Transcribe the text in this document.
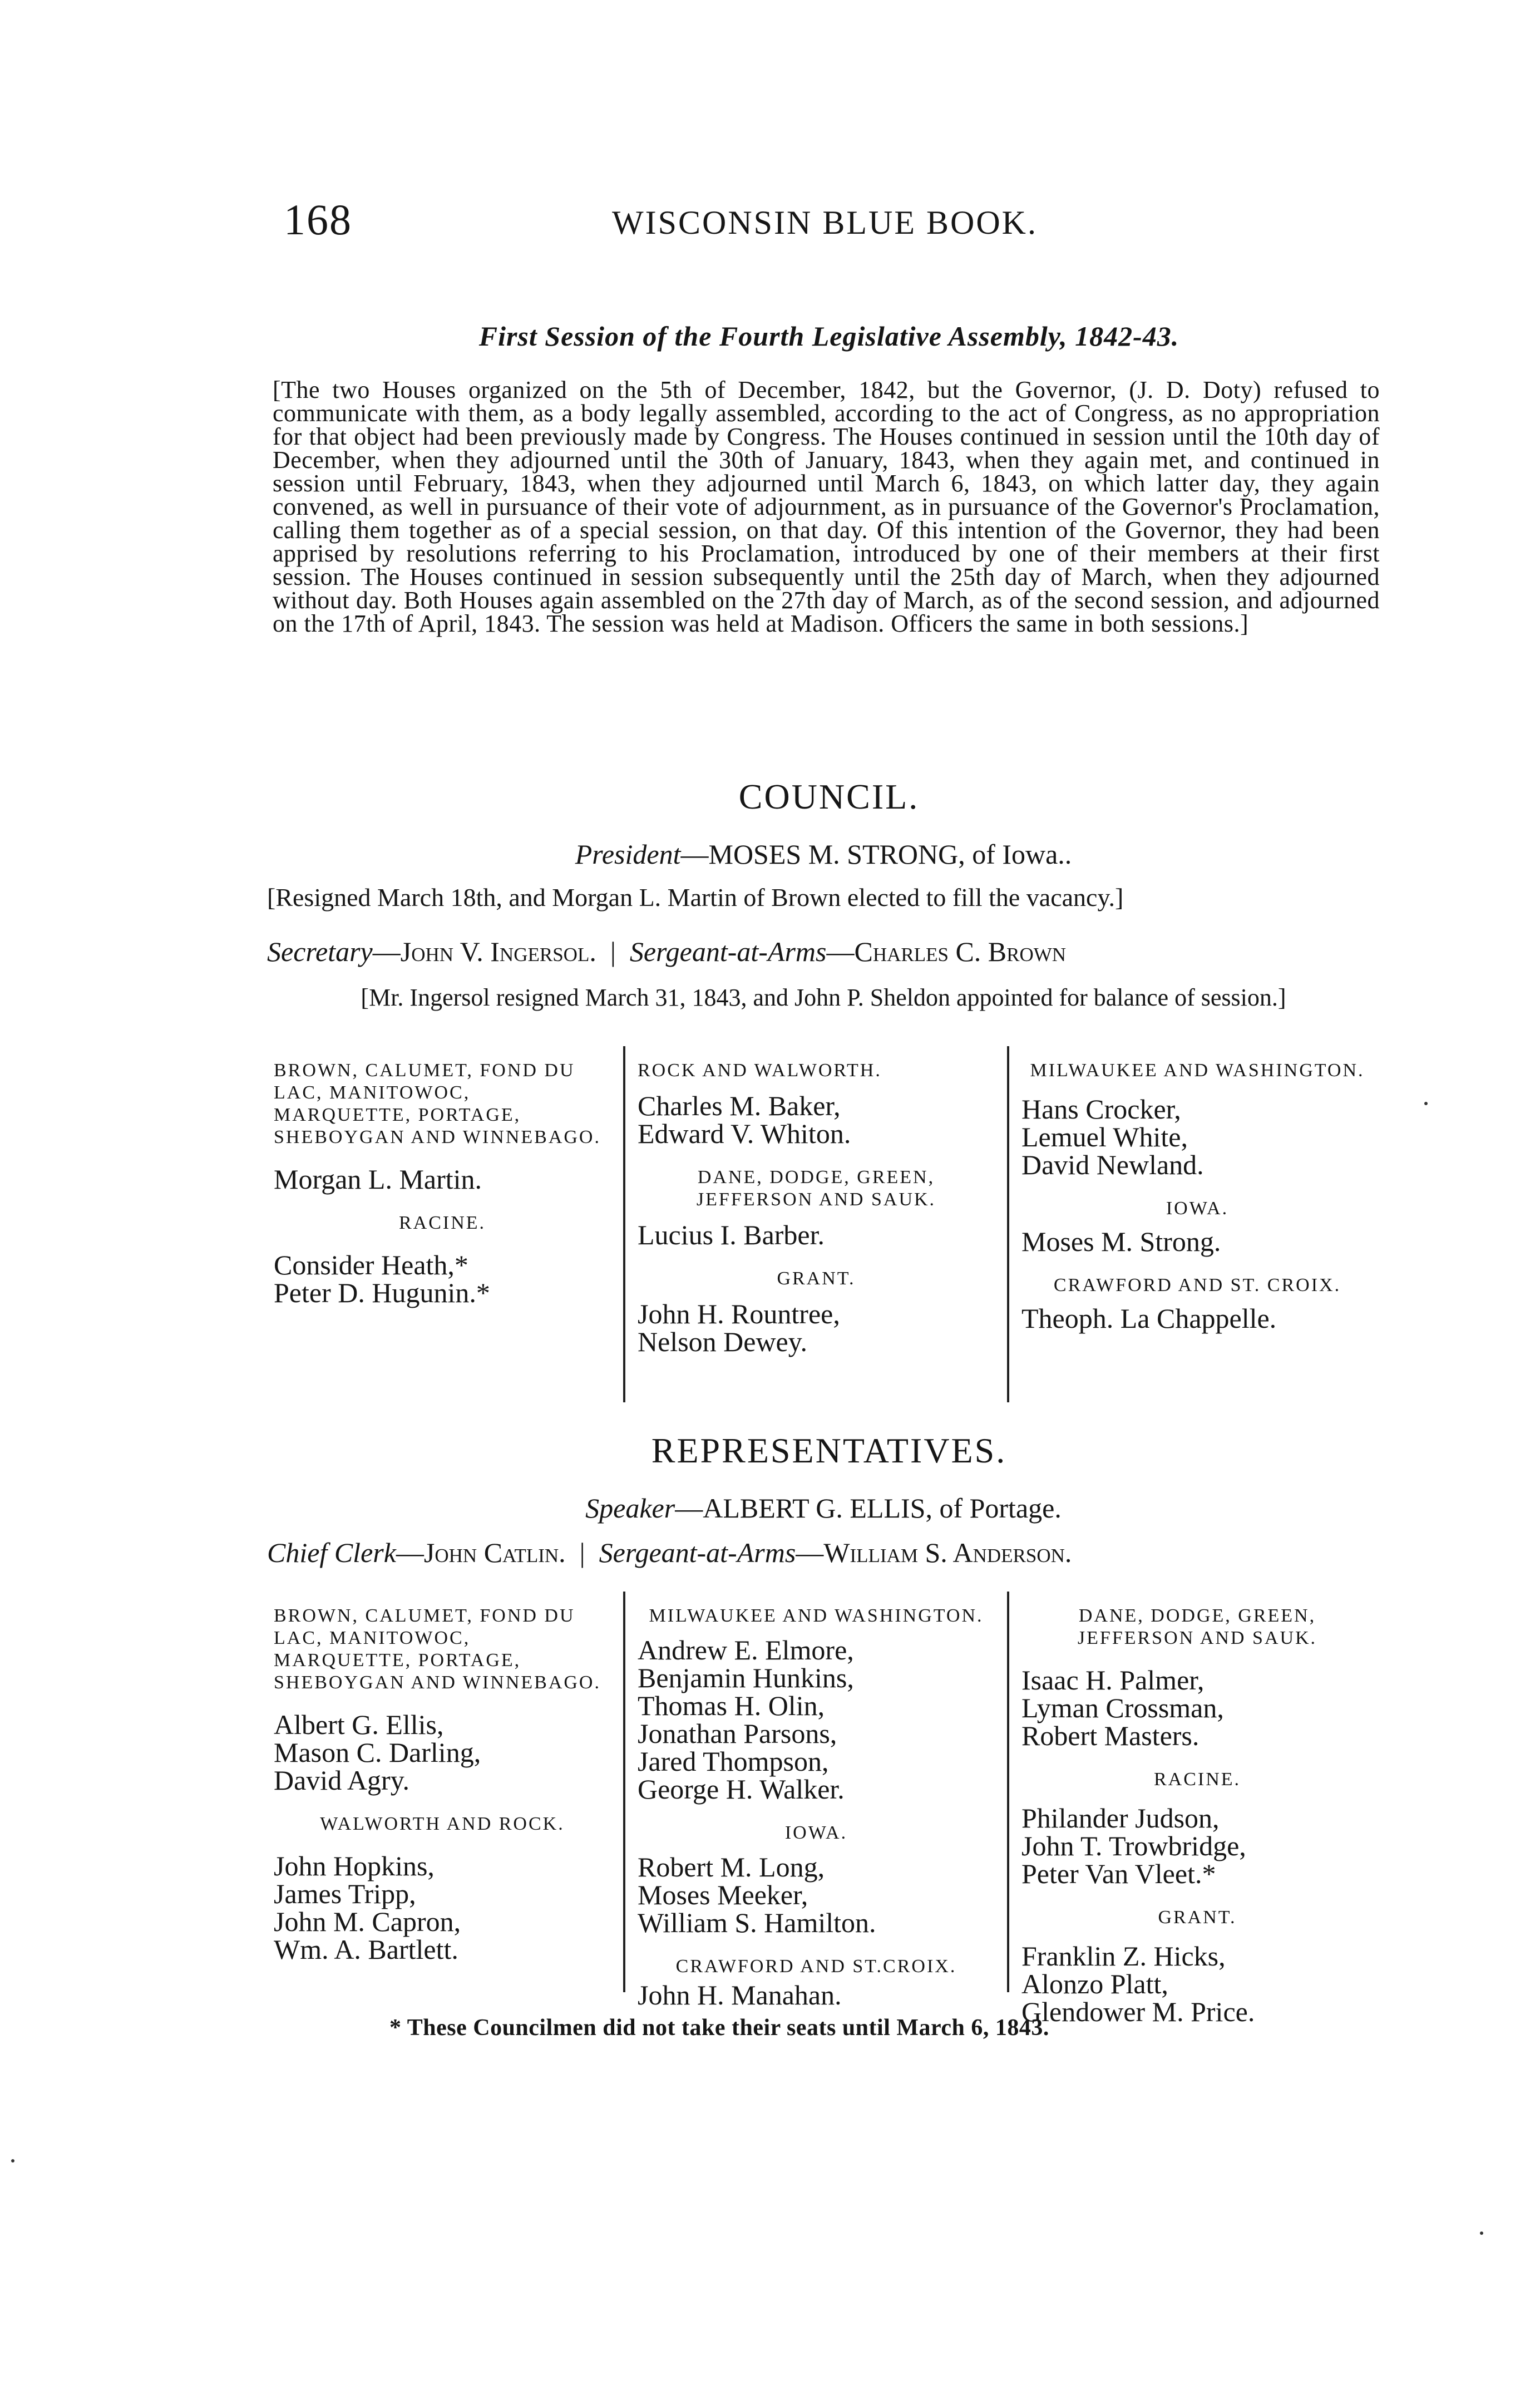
168	WISCONSIN BLUE BOOK.
First Session of the Fourth Legislative Assembly, 1842-43.
[The two Houses organized on the 5th of December, 1842, but the Governor, (J. D. Doty) refused to communicate with them, as a body legally assembled, according to the act of Congress, as no appropriation for that object had been previously made by Congress. The Houses continued in session until the 10th day of December, when they adjourned until the 30th of January, 1843, when they again met, and continued in session until February, 1843, when they adjourned until March 6, 1843, on which latter day, they again convened, as well in pursuance of their vote of adjournment, as in pursuance of the Governor's Proclamation, calling them together as of a special session, on that day. Of this intention of the Governor, they had been apprised by resolutions referring to his Proclamation, introduced by one of their members at their first session. The Houses continued in session subsequently until the 25th day of March, when they adjourned without day. Both Houses again assembled on the 27th day of March, as of the second session, and adjourned on the 17th of April, 1843. The session was held at Madison. Officers the same in both sessions.]
COUNCIL.
President—MOSES M. STRONG, of Iowa..
[Resigned March 18th, and Morgan L. Martin of Brown elected to fill the vacancy.]
Secretary—John V. Ingersol. | Sergeant-at-Arms—Charles C. Brown
[Mr. Ingersol resigned March 31, 1843, and John P. Sheldon appointed for balance of session.]
BROWN, CALUMET, FOND DU LAC, MANITOWOC, MARQUETTE, PORTAGE, SHEBOYGAN AND WINNEBAGO.
Morgan L. Martin.
RACINE.
Consider Heath,*
Peter D. Hugunin.*
ROCK AND WALWORTH.
Charles M. Baker,
Edward V. Whiton.
DANE, DODGE, GREEN, JEFFERSON AND SAUK.
Lucius I. Barber.
GRANT.
John H. Rountree,
Nelson Dewey.
MILWAUKEE AND WASHINGTON.
Hans Crocker,
Lemuel White,
David Newland.
IOWA.
Moses M. Strong.
CRAWFORD AND ST. CROIX.
Theoph. La Chappelle.
REPRESENTATIVES.
Speaker—ALBERT G. ELLIS, of Portage.
Chief Clerk—John Catlin. | Sergeant-at-Arms—William S. Anderson.
BROWN, CALUMET, FOND DU LAC, MANITOWOC, MARQUETTE, PORTAGE, SHEBOYGAN AND WINNEBAGO.
Albert G. Ellis,
Mason C. Darling,
David Agry.
WALWORTH AND ROCK.
John Hopkins,
James Tripp,
John M. Capron,
Wm. A. Bartlett.
MILWAUKEE AND WASHINGTON.
Andrew E. Elmore,
Benjamin Hunkins,
Thomas H. Olin,
Jonathan Parsons,
Jared Thompson,
George H. Walker.
IOWA.
Robert M. Long,
Moses Meeker,
William S. Hamilton.
CRAWFORD AND ST.CROIX.
John H. Manahan.
DANE, DODGE, GREEN, JEFFERSON AND SAUK.
Isaac H. Palmer,
Lyman Crossman,
Robert Masters.
RACINE.
Philander Judson,
John T. Trowbridge,
Peter Van Vleet.*
GRANT.
Franklin Z. Hicks,
Alonzo Platt,
Glendower M. Price.
* These Councilmen did not take their seats until March 6, 1843.
